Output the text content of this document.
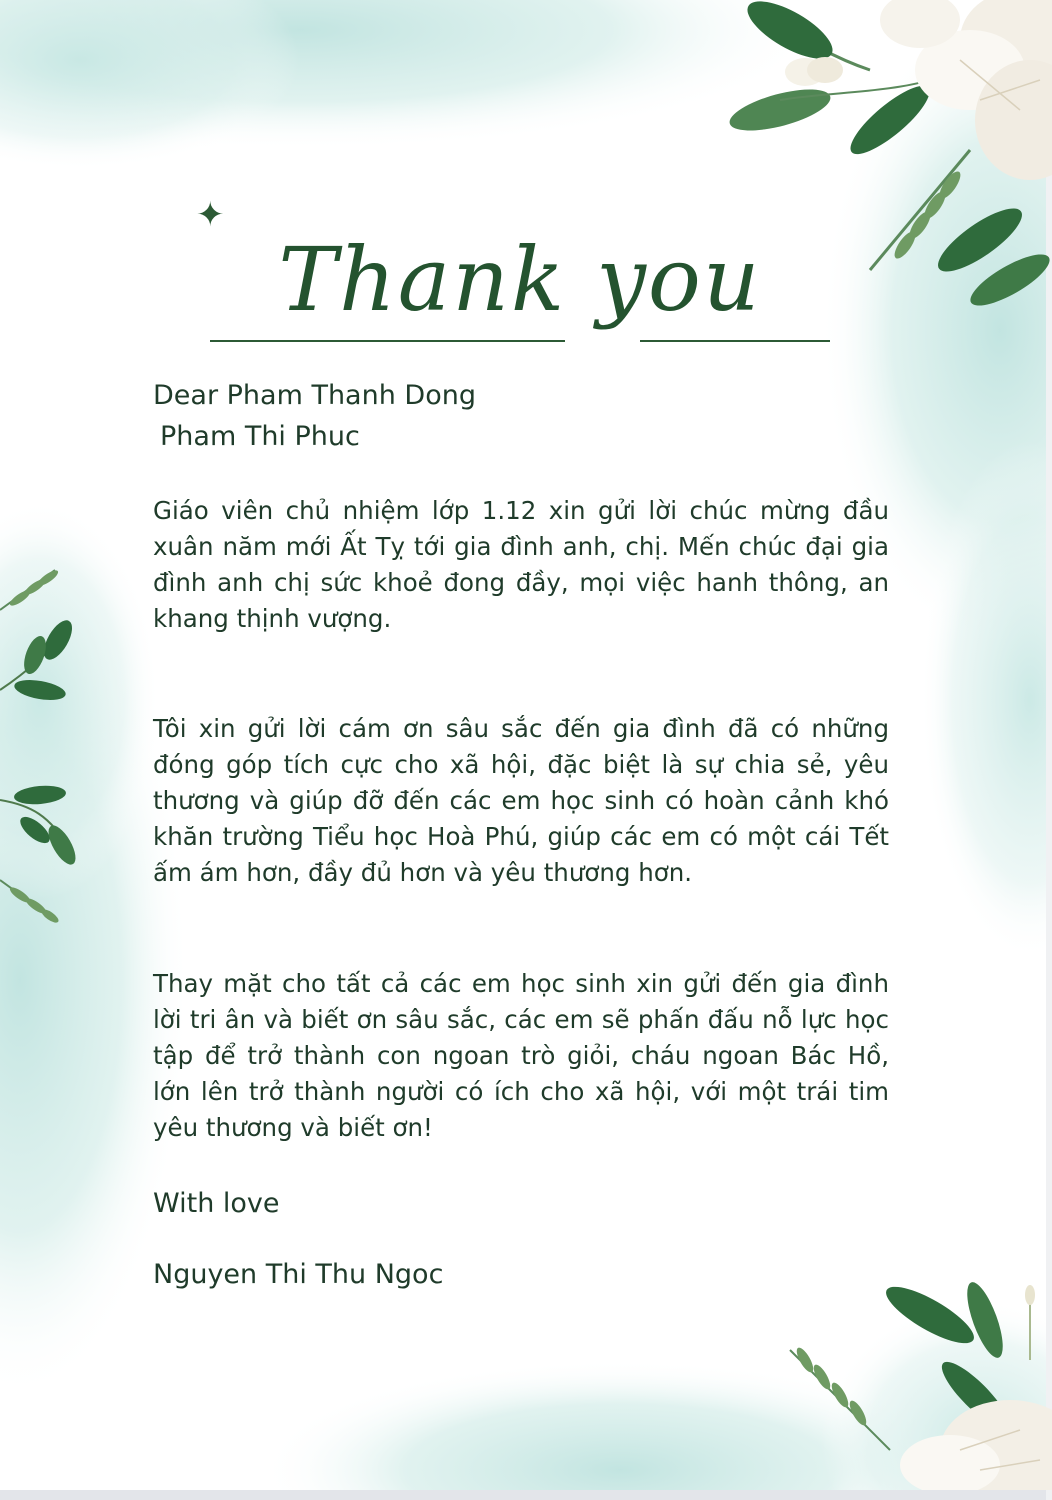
✦
Thank you
Dear Pham Thanh Dong
Pham Thi Phuc
Giáo viên chủ nhiệm lớp 1.12 xin gửi lời chúc mừng đầu xuân năm mới Ất Tỵ tới gia đình anh, chị. Mến chúc đại gia đình anh chị sức khoẻ đong đầy, mọi việc hanh thông, an khang thịnh vượng.
Tôi xin gửi lời cám ơn sâu sắc đến gia đình đã có những đóng góp tích cực cho xã hội, đặc biệt là sự chia sẻ, yêu thương và giúp đỡ đến các em học sinh có hoàn cảnh khó khăn trường Tiểu học Hoà Phú, giúp các em có một cái Tết ấm ám hơn, đầy đủ hơn và yêu thương hơn.
Thay mặt cho tất cả các em học sinh xin gửi đến gia đình lời tri ân và biết ơn sâu sắc, các em sẽ phấn đấu nỗ lực học tập để trở thành con ngoan trò giỏi, cháu ngoan Bác Hồ, lớn lên trở thành người có ích cho xã hội, với một trái tim yêu thương và biết ơn!
With love
Nguyen Thi Thu Ngoc
